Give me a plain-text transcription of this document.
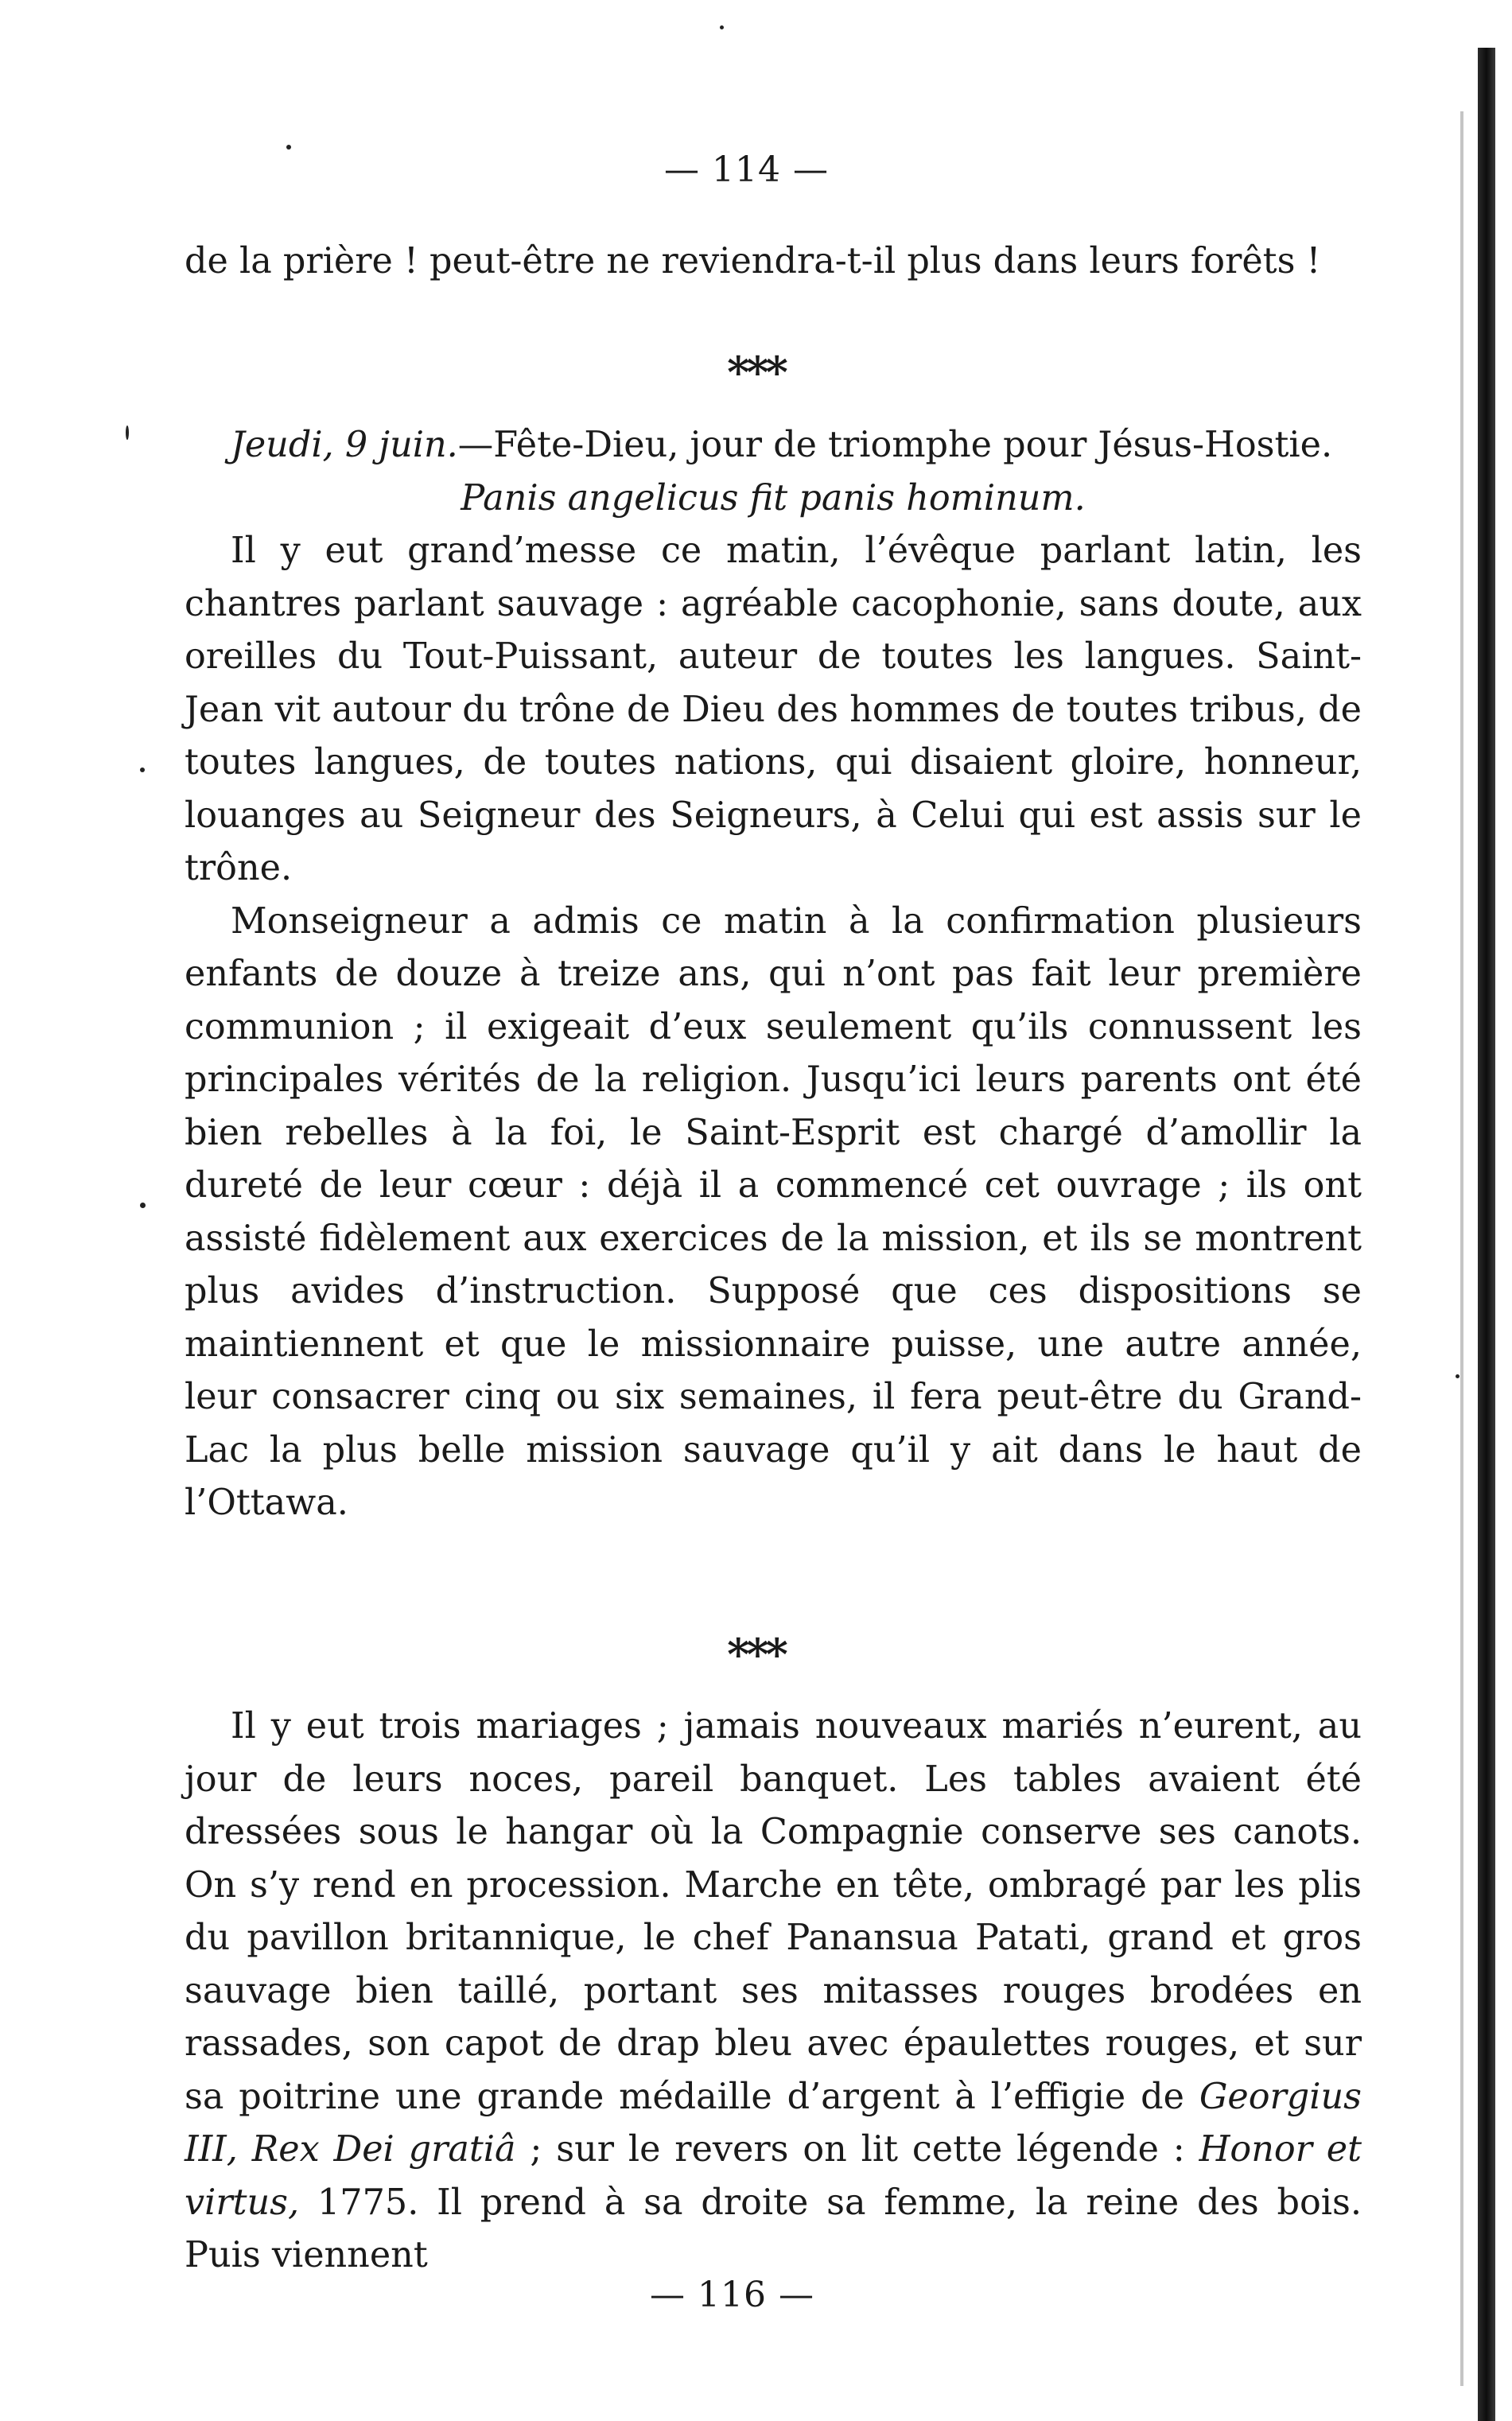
— 114 —

de la prière ! peut-être ne reviendra-t-il plus dans leurs forêts !

***

Jeudi, 9 juin.—Fête-Dieu, jour de triomphe pour Jésus-Hostie.

Panis angelicus fit panis hominum.

Il y eut grand’messe ce matin, l’évêque parlant latin, les chantres parlant sauvage : agréable cacophonie, sans doute, aux oreilles du Tout-Puissant, auteur de toutes les langues. Saint-Jean vit autour du trône de Dieu des hommes de toutes tribus, de toutes langues, de toutes nations, qui disaient gloire, honneur, louanges au Seigneur des Seigneurs, à Celui qui est assis sur le trône.

Monseigneur a admis ce matin à la confirmation plusieurs enfants de douze à treize ans, qui n’ont pas fait leur première communion ; il exigeait d’eux seulement qu’ils connussent les principales vérités de la religion. Jusqu’ici leurs parents ont été bien rebelles à la foi, le Saint-Esprit est chargé d’amollir la dureté de leur cœur : déjà il a commencé cet ouvrage ; ils ont assisté fidèlement aux exercices de la mission, et ils se montrent plus avides d’instruction. Supposé que ces dispositions se maintiennent et que le missionnaire puisse, une autre année, leur consacrer cinq ou six semaines, il fera peut-être du Grand-Lac la plus belle mission sauvage qu’il y ait dans le haut de l’Ottawa.

***

Il y eut trois mariages ; jamais nouveaux mariés n’eurent, au jour de leurs noces, pareil banquet. Les tables avaient été dressées sous le hangar où la Compagnie conserve ses canots. On s’y rend en procession. Marche en tête, ombragé par les plis du pavillon britannique, le chef Panansua Patati, grand et gros sauvage bien taillé, portant ses mitasses rouges brodées en rassades, son capot de drap bleu avec épaulettes rouges, et sur sa poitrine une grande médaille d’argent à l’effigie de Georgius III, Rex Dei gratiâ ; sur le revers on lit cette légende : Honor et virtus, 1775. Il prend à sa droite sa femme, la reine des bois. Puis viennent

— 116 —
